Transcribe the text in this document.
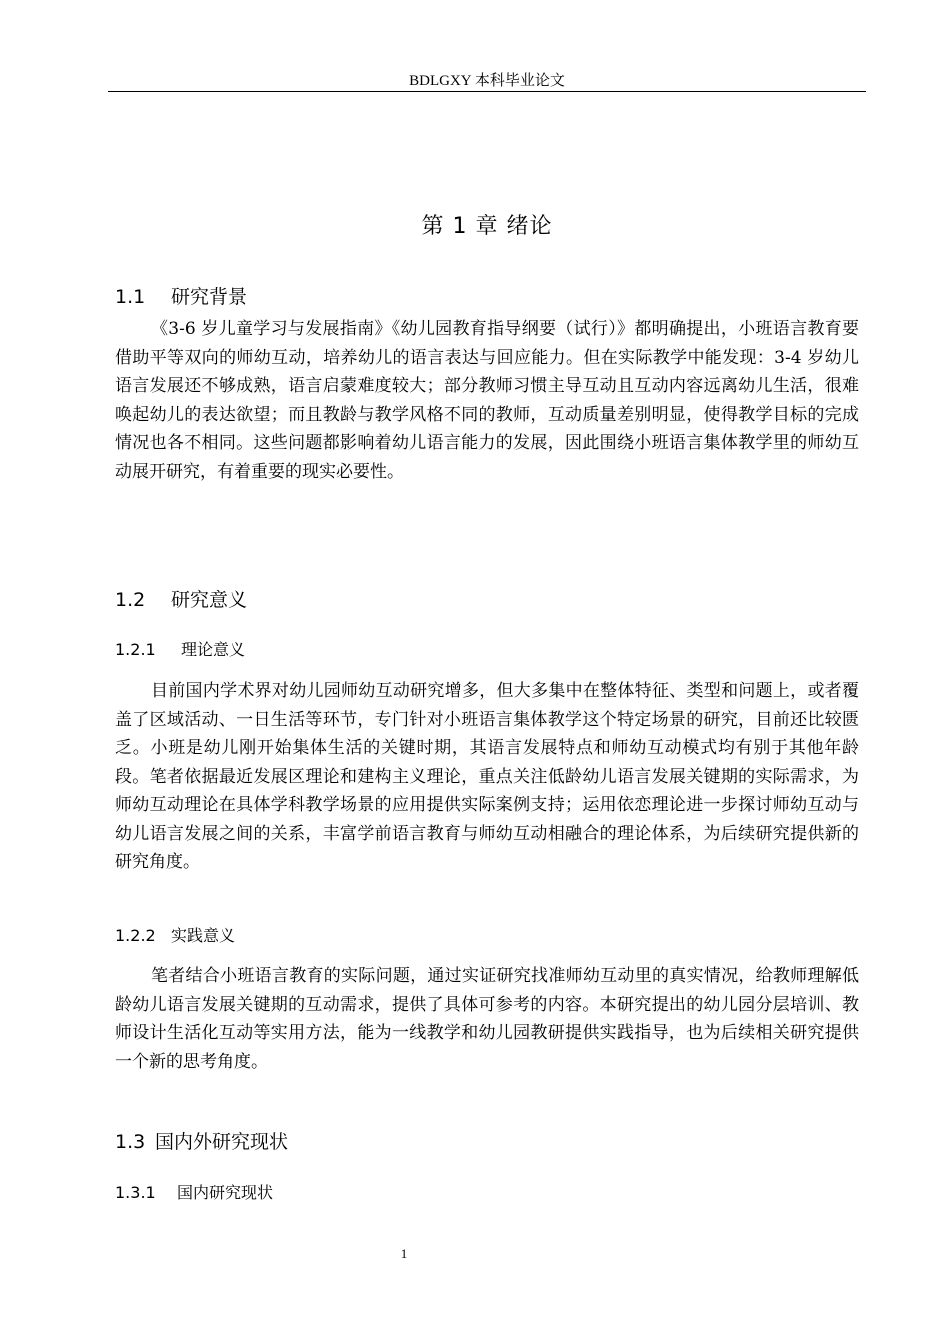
BDLGXY 本科毕业论文
第 1 章 绪论
1.1 研究背景

《3-6 岁儿童学习与发展指南》《幼儿园教育指导纲要（试行）》都明确提出，小班语言教育要借助平等双向的师幼互动，培养幼儿的语言表达与回应能力。但在实际教学中能发现：3-4 岁幼儿语言发展还不够成熟，语言启蒙难度较大；部分教师习惯主导互动且互动内容远离幼儿生活，很难唤起幼儿的表达欲望；而且教龄与教学风格不同的教师，互动质量差别明显，使得教学目标的完成情况也各不相同。这些问题都影响着幼儿语言能力的发展，因此围绕小班语言集体教学里的师幼互动展开研究，有着重要的现实必要性。

1.2 研究意义
1.2.1 理论意义

目前国内学术界对幼儿园师幼互动研究增多，但大多集中在整体特征、类型和问题上，或者覆盖了区域活动、一日生活等环节，专门针对小班语言集体教学这个特定场景的研究，目前还比较匮乏。小班是幼儿刚开始集体生活的关键时期，其语言发展特点和师幼互动模式均有别于其他年龄段。笔者依据最近发展区理论和建构主义理论，重点关注低龄幼儿语言发展关键期的实际需求，为师幼互动理论在具体学科教学场景的应用提供实际案例支持；运用依恋理论进一步探讨师幼互动与幼儿语言发展之间的关系，丰富学前语言教育与师幼互动相融合的理论体系，为后续研究提供新的研究角度。

1.2.2 实践意义

笔者结合小班语言教育的实际问题，通过实证研究找准师幼互动里的真实情况，给教师理解低龄幼儿语言发展关键期的互动需求，提供了具体可参考的内容。本研究提出的幼儿园分层培训、教师设计生活化互动等实用方法，能为一线教学和幼儿园教研提供实践指导，也为后续相关研究提供一个新的思考角度。

1.3 国内外研究现状
1.3.1 国内研究现状
1
